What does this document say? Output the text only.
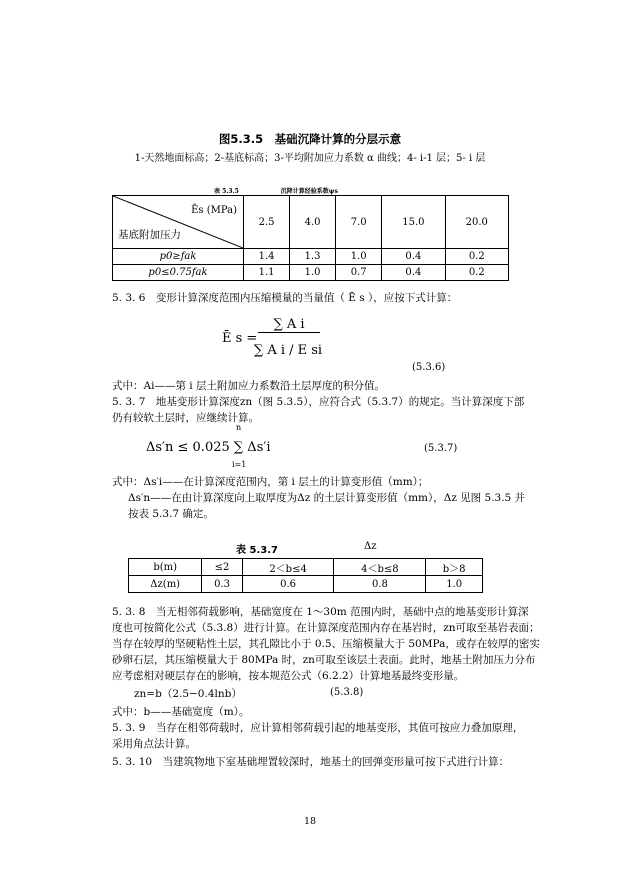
图5.3.5　基础沉降计算的分层示意
1-天然地面标高；2-基底标高；3-平均附加应力系数 α 曲线；4- i-1 层；5- i 层
表 5.3.5　　　　　　　沉降计算经验系数ψs
Ēs (MPa)
基底附加压力	2.5	4.0	7.0	15.0	20.0
p0≥fak	1.4	1.3	1.0	0.4	0.2
p0≤0.75fak	1.1	1.0	0.7	0.4	0.2
5. 3. 6　变形计算深度范围内压缩模量的当量值（ Ē s ），应按下式计算：
Ē s =
∑ A i
∑ A i / E si
(5.3.6)
式中：Ai——第 i 层土附加应力系数沿土层厚度的积分值。
5. 3. 7　地基变形计算深度zn（图 5.3.5），应符合式（5.3.7）的规定。当计算深度下部
仍有较软土层时，应继续计算。
n
Δs′n ≤ 0.025 ∑ Δs′i
i=1
(5.3.7)
式中：Δs′i——在计算深度范围内，第 i 层土的计算变形值（mm）；
Δs′n——在由计算深度向上取厚度为Δz 的土层计算变形值（mm），Δz 见图 5.3.5 并
按表 5.3.7 确定。
表 5.3.7	Δz
b(m)	≤2	2＜b≤4	4＜b≤8	b＞8
Δz(m)	0.3	0.6	0.8	1.0
5. 3. 8　当无相邻荷载影响，基础宽度在 1～30m 范围内时，基础中点的地基变形计算深
度也可按简化公式（5.3.8）进行计算。在计算深度范围内存在基岩时，zn可取至基岩表面；
当存在较厚的坚硬粘性土层，其孔隙比小于 0.5、压缩模量大于 50MPa，或存在较厚的密实
砂卵石层，其压缩模量大于 80MPa 时，zn可取至该层土表面。此时，地基土附加压力分布
应考虑相对硬层存在的影响，按本规范公式（6.2.2）计算地基最终变形量。
zn=b（2.5−0.4lnb）	(5.3.8)
式中：b——基础宽度（m）。
5. 3. 9　当存在相邻荷载时，应计算相邻荷载引起的地基变形，其值可按应力叠加原理，
采用角点法计算。
5. 3. 10　当建筑物地下室基础埋置较深时，地基土的回弹变形量可按下式进行计算：
18
